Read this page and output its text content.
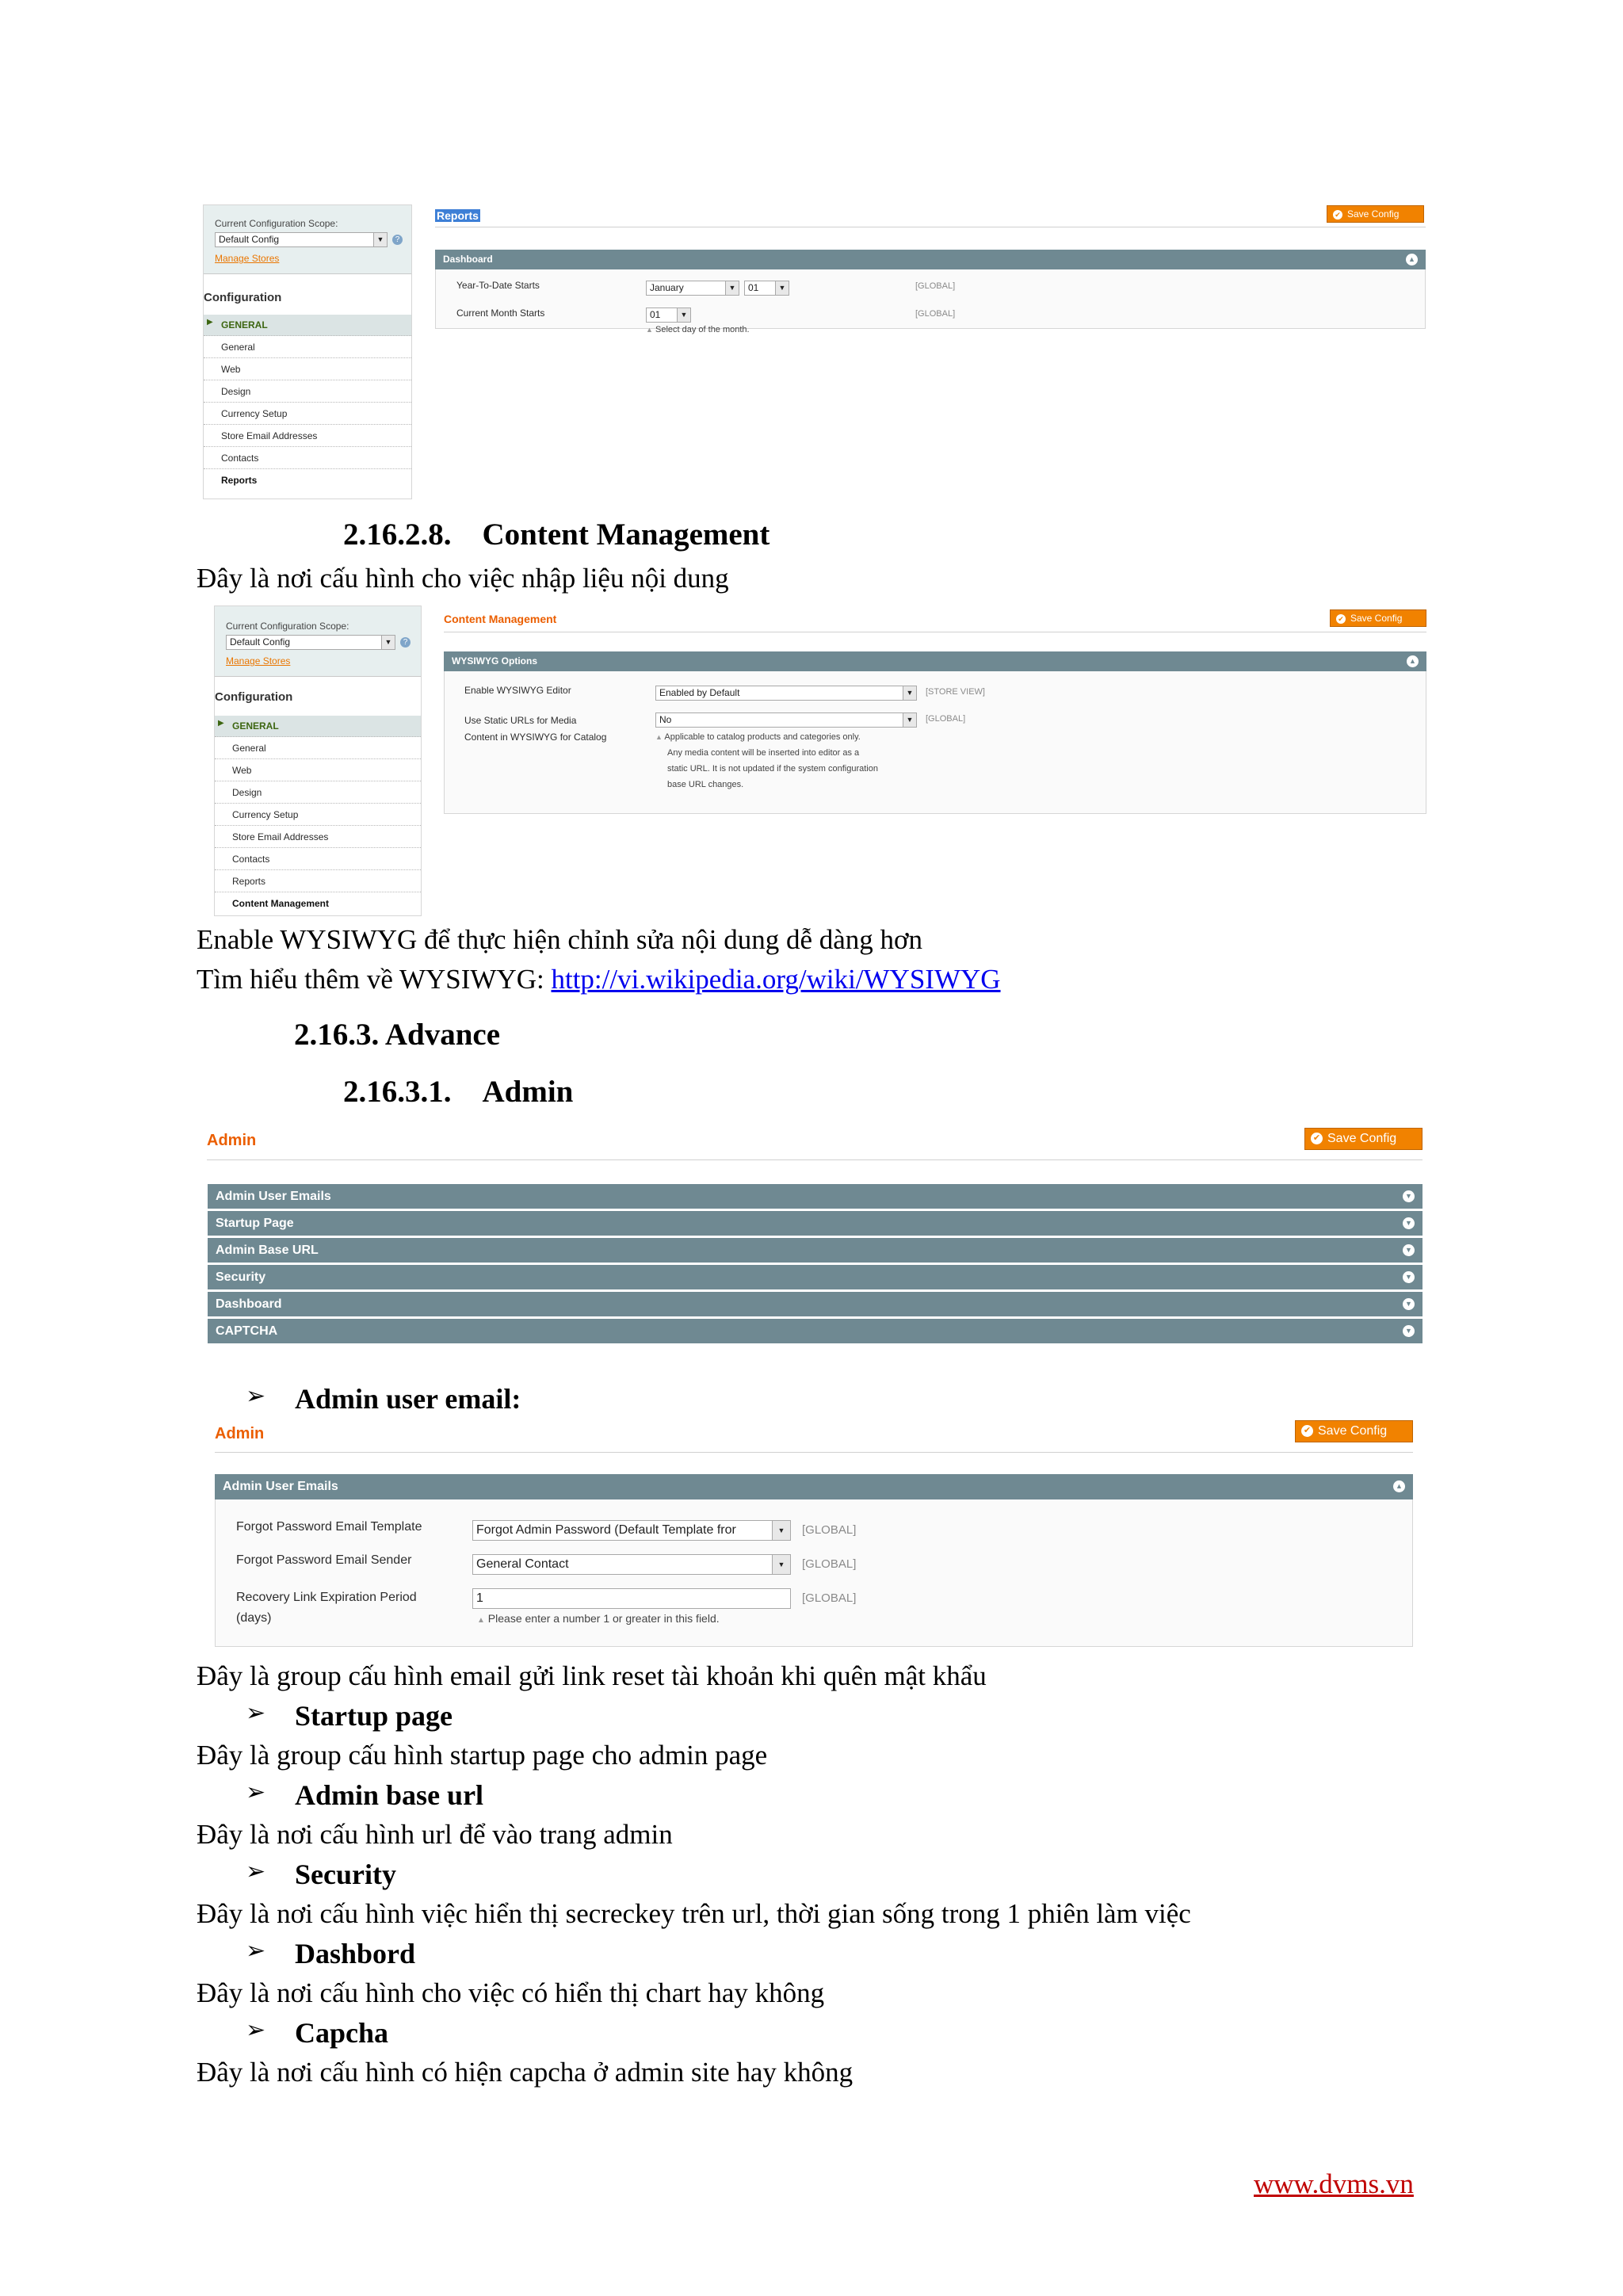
Current Configuration Scope:
Default Config	▼	?
Manage Stores
Configuration
GENERAL
General
Web
Design
Currency Setup
Store Email Addresses
Contacts
Reports
▶
Reports	✔ Save Config
Dashboard	▲
Year-To-Date Starts	January	▼	01	▼	[GLOBAL]
Current Month Starts	01	▼	[GLOBAL]
▲ Select day of the month.
2.16.2.8. Content Management
Đây là nơi cấu hình cho việc nhập liệu nội dung
Current Configuration Scope:
Default Config	▼	?
Manage Stores
Configuration
GENERAL
General
Web
Design
Currency Setup
Store Email Addresses
Contacts
Reports
Content Management
▶
Content Management	✔ Save Config
WYSIWYG Options	▲
Enable WYSIWYG Editor	Enabled by Default	▼	[STORE VIEW]
Use Static URLs for Media
Content in WYSIWYG for Catalog
No	▼	[GLOBAL]
▲ Applicable to catalog products and categories only.
Any media content will be inserted into editor as a
static URL. It is not updated if the system configuration
base URL changes.
Enable WYSIWYG để thực hiện chỉnh sửa nội dung dễ dàng hơn
Tìm hiểu thêm về WYSIWYG: http://vi.wikipedia.org/wiki/WYSIWYG
2.16.3. Advance
2.16.3.1. Admin
Admin	✔ Save Config
Admin User Emails	▼
Startup Page	▼
Admin Base URL	▼
Security	▼
Dashboard	▼
CAPTCHA	▼
➢ Admin user email:
Admin	✔ Save Config
Admin User Emails	▲
Forgot Password Email Template	Forgot Admin Password (Default Template fror	▼	[GLOBAL]
Forgot Password Email Sender	General Contact	▼	[GLOBAL]
Recovery Link Expiration Period
(days)
1	[GLOBAL]
▲ Please enter a number 1 or greater in this field.
Đây là group cấu hình email gửi link reset tài khoản khi quên mật khẩu
➢ Startup page
Đây là group cấu hình startup page cho admin page
➢ Admin base url
Đây là nơi cấu hình url để vào trang admin
➢ Security
Đây là nơi cấu hình việc hiển thị secreckey trên url, thời gian sống trong 1 phiên làm việc
➢ Dashbord
Đây là nơi cấu hình cho việc có hiển thị chart hay không
➢ Capcha
Đây là nơi cấu hình có hiện capcha ở admin site hay không
www.dvms.vn
